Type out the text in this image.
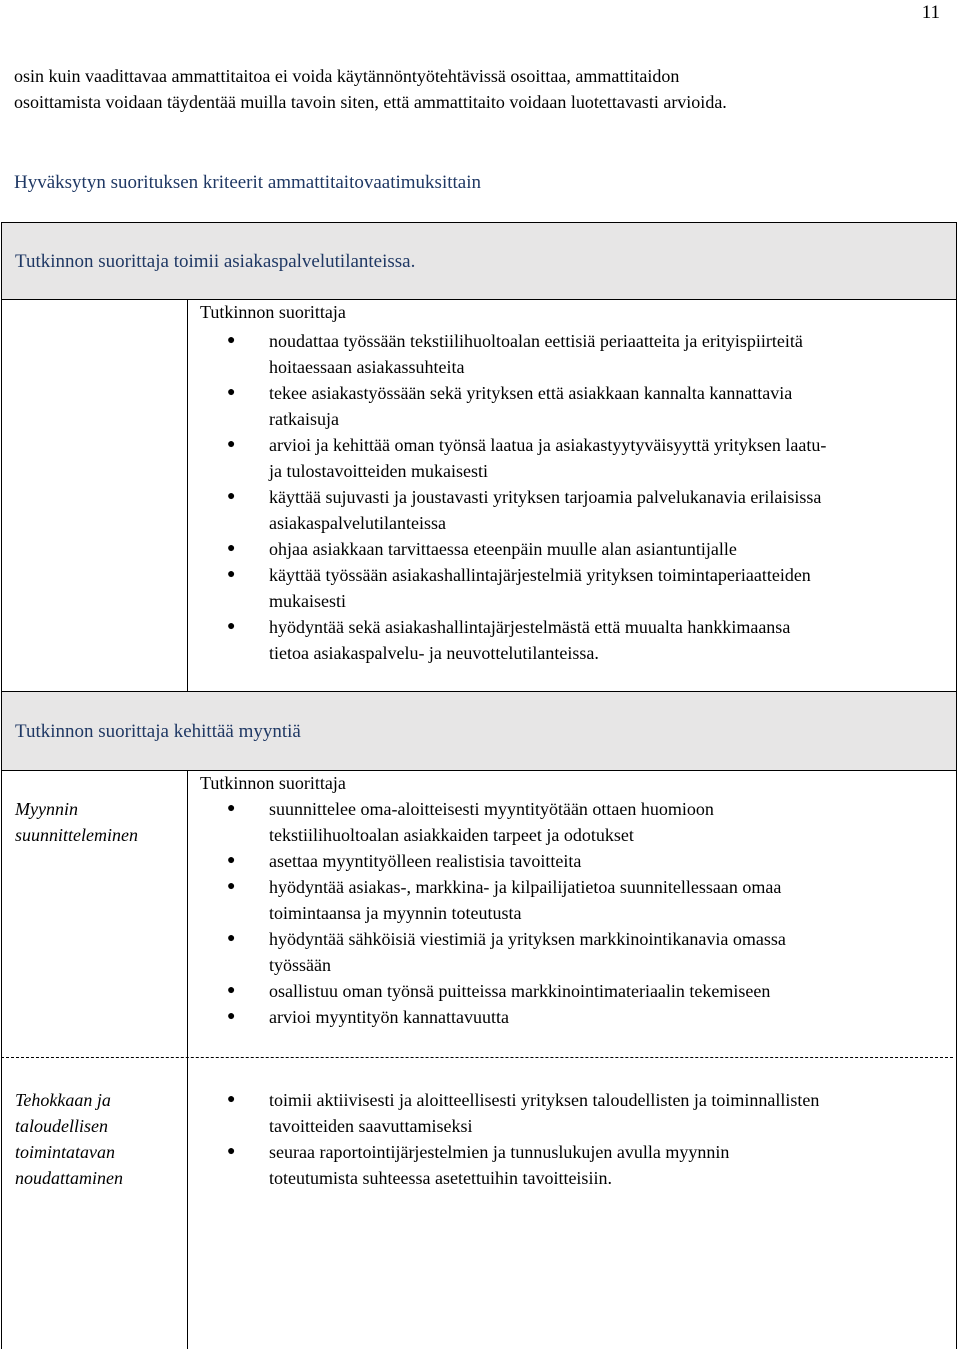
11
osin kuin vaadittavaa ammattitaitoa ei voida käytännöntyötehtävissä osoittaa, ammattitaidon
osoittamista voidaan täydentää muilla tavoin siten, että ammattitaito voidaan luotettavasti arvioida.
Hyväksytyn suorituksen kriteerit ammattitaitovaatimuksittain
Tutkinnon suorittaja toimii asiakaspalvelutilanteissa.
Tutkinnon suorittaja
● noudattaa työssään tekstiilihuoltoalan eettisiä periaatteita ja erityispiirteitä
hoitaessaan asiakassuhteita
● tekee asiakastyössään sekä yrityksen että asiakkaan kannalta kannattavia
ratkaisuja
● arvioi ja kehittää oman työnsä laatua ja asiakastyytyväisyyttä yrityksen laatu-
ja tulostavoitteiden mukaisesti
● käyttää sujuvasti ja joustavasti yrityksen tarjoamia palvelukanavia erilaisissa
asiakaspalvelutilanteissa
● ohjaa asiakkaan tarvittaessa eteenpäin muulle alan asiantuntijalle
● käyttää työssään asiakashallintajärjestelmiä yrityksen toimintaperiaatteiden
mukaisesti
● hyödyntää sekä asiakashallintajärjestelmästä että muualta hankkimaansa
tietoa asiakaspalvelu- ja neuvottelutilanteissa.
Tutkinnon suorittaja kehittää myyntiä
Myynnin
suunnitteleminen
Tutkinnon suorittaja
● suunnittelee oma-aloitteisesti myyntityötään ottaen huomioon
tekstiilihuoltoalan asiakkaiden tarpeet ja odotukset
● asettaa myyntityölleen realistisia tavoitteita
● hyödyntää asiakas-, markkina- ja kilpailijatietoa suunnitellessaan omaa
toimintaansa ja myynnin toteutusta
● hyödyntää sähköisiä viestimiä ja yrityksen markkinointikanavia omassa
työssään
● osallistuu oman työnsä puitteissa markkinointimateriaalin tekemiseen
● arvioi myyntityön kannattavuutta
Tehokkaan ja
taloudellisen
toimintatavan
noudattaminen
● toimii aktiivisesti ja aloitteellisesti yrityksen taloudellisten ja toiminnallisten
tavoitteiden saavuttamiseksi
● seuraa raportointijärjestelmien ja tunnuslukujen avulla myynnin
toteutumista suhteessa asetettuihin tavoitteisiin.
